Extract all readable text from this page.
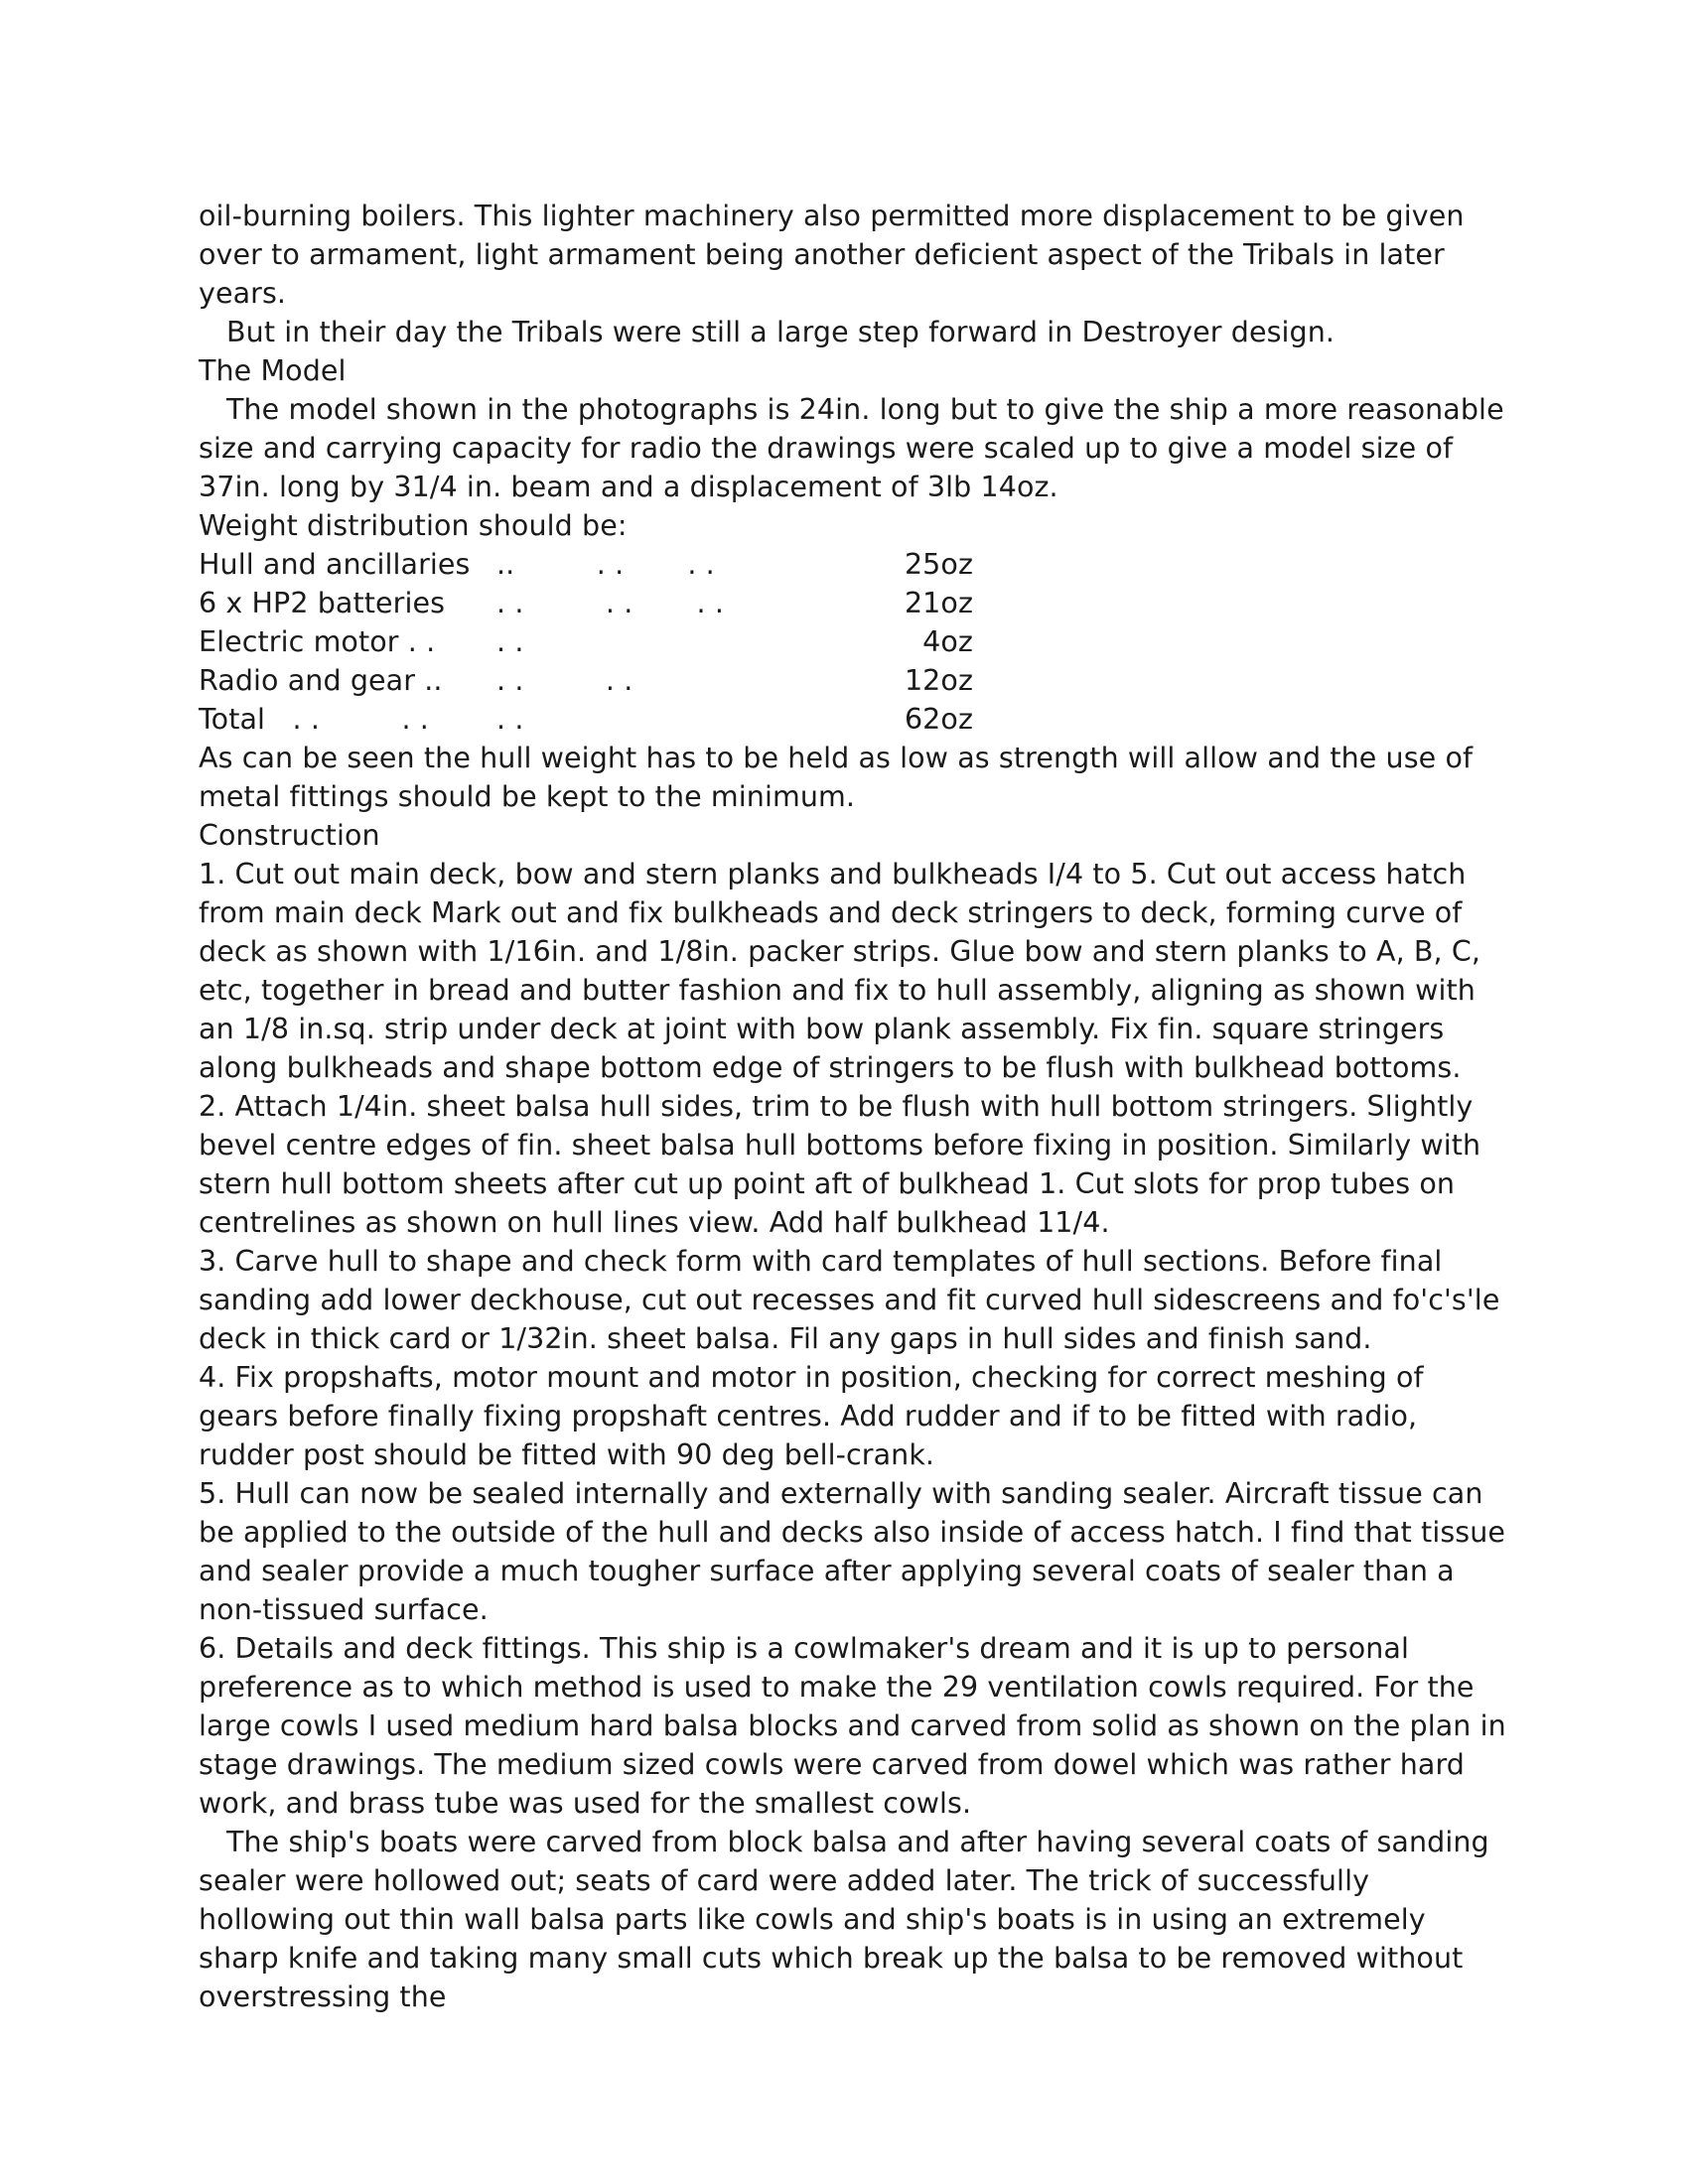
oil-burning boilers. This lighter machinery also permitted more displacement to be given over to armament, light armament being another deficient aspect of the Tribals in later years.

But in their day the Tribals were still a large step forward in Destroyer design.

The Model

The model shown in the photographs is 24in. long but to give the ship a more reasonable size and carrying capacity for radio the drawings were scaled up to give a model size of 37in. long by 31/4 in. beam and a displacement of 3lb 14oz.

Weight distribution should be:

Hull and ancillaries ..         . .       . .	25oz
6 x HP2 batteries	. .         . .       . .	21oz
Electric motor . .	. .	4oz
Radio and gear ..	. .         . .	12oz
Total   . .         . .	. .	62oz

As can be seen the hull weight has to be held as low as strength will allow and the use of metal fittings should be kept to the minimum.

Construction

1. Cut out main deck, bow and stern planks and bulkheads I/4 to 5. Cut out access hatch from main deck Mark out and fix bulkheads and deck stringers to deck, forming curve of deck as shown with 1/16in. and 1/8in. packer strips. Glue bow and stern planks to A, B, C, etc, together in bread and butter fashion and fix to hull assembly, aligning as shown with an 1/8 in.sq. strip under deck at joint with bow plank assembly. Fix fin. square stringers along bulkheads and shape bottom edge of stringers to be flush with bulkhead bottoms.

2. Attach 1/4in. sheet balsa hull sides, trim to be flush with hull bottom stringers. Slightly bevel centre edges of fin. sheet balsa hull bottoms before fixing in position. Similarly with stern hull bottom sheets after cut up point aft of bulkhead 1. Cut slots for prop tubes on centrelines as shown on hull lines view. Add half bulkhead 11/4.

3. Carve hull to shape and check form with card templates of hull sections. Before final sanding add lower deckhouse, cut out recesses and fit curved hull sidescreens and fo'c's'le deck in thick card or 1/32in. sheet balsa. Fil any gaps in hull sides and finish sand.

4. Fix propshafts, motor mount and motor in position, checking for correct meshing of gears before finally fixing propshaft centres. Add rudder and if to be fitted with radio, rudder post should be fitted with 90 deg bell-crank.

5. Hull can now be sealed internally and externally with sanding sealer. Aircraft tissue can be applied to the outside of the hull and decks also inside of access hatch. I find that tissue and sealer provide a much tougher surface after applying several coats of sealer than a non-tissued surface.

6. Details and deck fittings. This ship is a cowlmaker's dream and it is up to personal preference as to which method is used to make the 29 ventilation cowls required. For the large cowls I used medium hard balsa blocks and carved from solid as shown on the plan in stage drawings. The medium sized cowls were carved from dowel which was rather hard work, and brass tube was used for the smallest cowls.

The ship's boats were carved from block balsa and after having several coats of sanding sealer were hollowed out; seats of card were added later. The trick of successfully hollowing out thin wall balsa parts like cowls and ship's boats is in using an extremely sharp knife and taking many small cuts which break up the balsa to be removed without overstressing the
